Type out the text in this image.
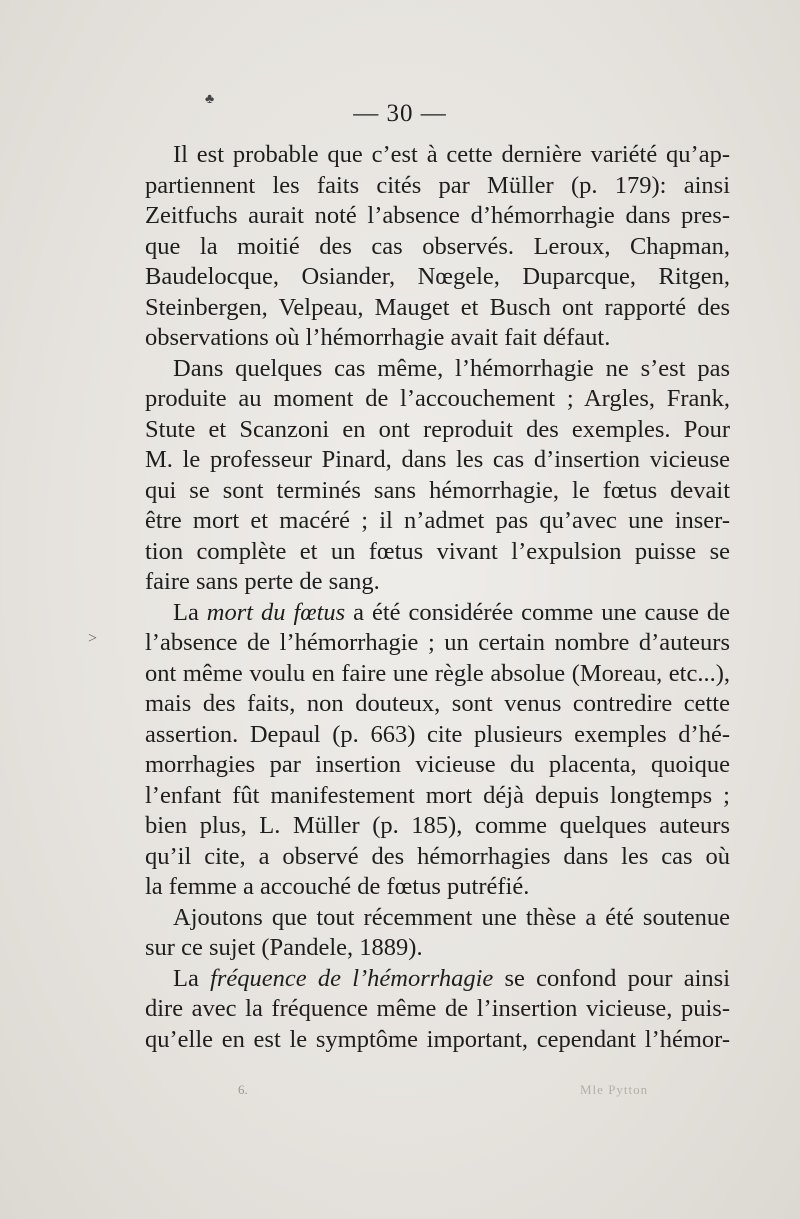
♣
— 30 —
>
Il est probable que c’est à cette dernière variété qu’ap-
partiennent les faits cités par Müller (p. 179): ainsi
Zeitfuchs aurait noté l’absence d’hémorrhagie dans pres-
que la moitié des cas observés. Leroux, Chapman,
Baudelocque, Osiander, Nœgele, Duparcque, Ritgen,
Steinbergen, Velpeau, Mauget et Busch ont rapporté des
observations où l’hémorrhagie avait fait défaut.
Dans quelques cas même, l’hémorrhagie ne s’est pas
produite au moment de l’accouchement ; Argles, Frank,
Stute et Scanzoni en ont reproduit des exemples. Pour
M. le professeur Pinard, dans les cas d’insertion vicieuse
qui se sont terminés sans hémorrhagie, le fœtus devait
être mort et macéré ; il n’admet pas qu’avec une inser-
tion complète et un fœtus vivant l’expulsion puisse se
faire sans perte de sang.
La mort du fœtus a été considérée comme une cause de
l’absence de l’hémorrhagie ; un certain nombre d’auteurs
ont même voulu en faire une règle absolue (Moreau, etc...),
mais des faits, non douteux, sont venus contredire cette
assertion. Depaul (p. 663) cite plusieurs exemples d’hé-
morrhagies par insertion vicieuse du placenta, quoique
l’enfant fût manifestement mort déjà depuis longtemps ;
bien plus, L. Müller (p. 185), comme quelques auteurs
qu’il cite, a observé des hémorrhagies dans les cas où
la femme a accouché de fœtus putréfié.
Ajoutons que tout récemment une thèse a été soutenue
sur ce sujet (Pandele, 1889).
La fréquence de l’hémorrhagie se confond pour ainsi
dire avec la fréquence même de l’insertion vicieuse, puis-
qu’elle en est le symptôme important, cependant l’hémor-
6.	Mle Pytton
